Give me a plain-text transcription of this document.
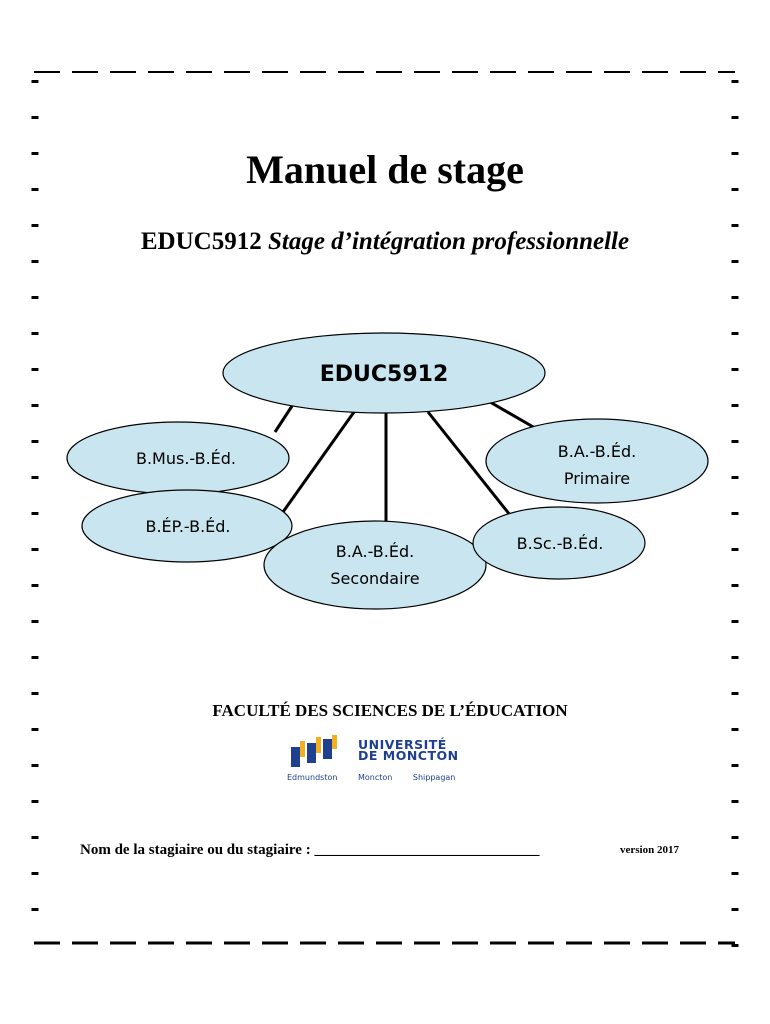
Manuel de stage
EDUC5912 Stage d’intégration professionnelle
EDUC5912
B.Mus.-B.Éd.
B.ÉP.-B.Éd.
B.A.-B.Éd.
Secondaire
B.Sc.-B.Éd.
B.A.-B.Éd.
Primaire
FACULTÉ DES SCIENCES DE L’ÉDUCATION
UNIVERSITÉ
DE MONCTON
Edmundston	Moncton	Shippagan
Nom de la stagiaire ou du stagiaire : ______________________________	version 2017
